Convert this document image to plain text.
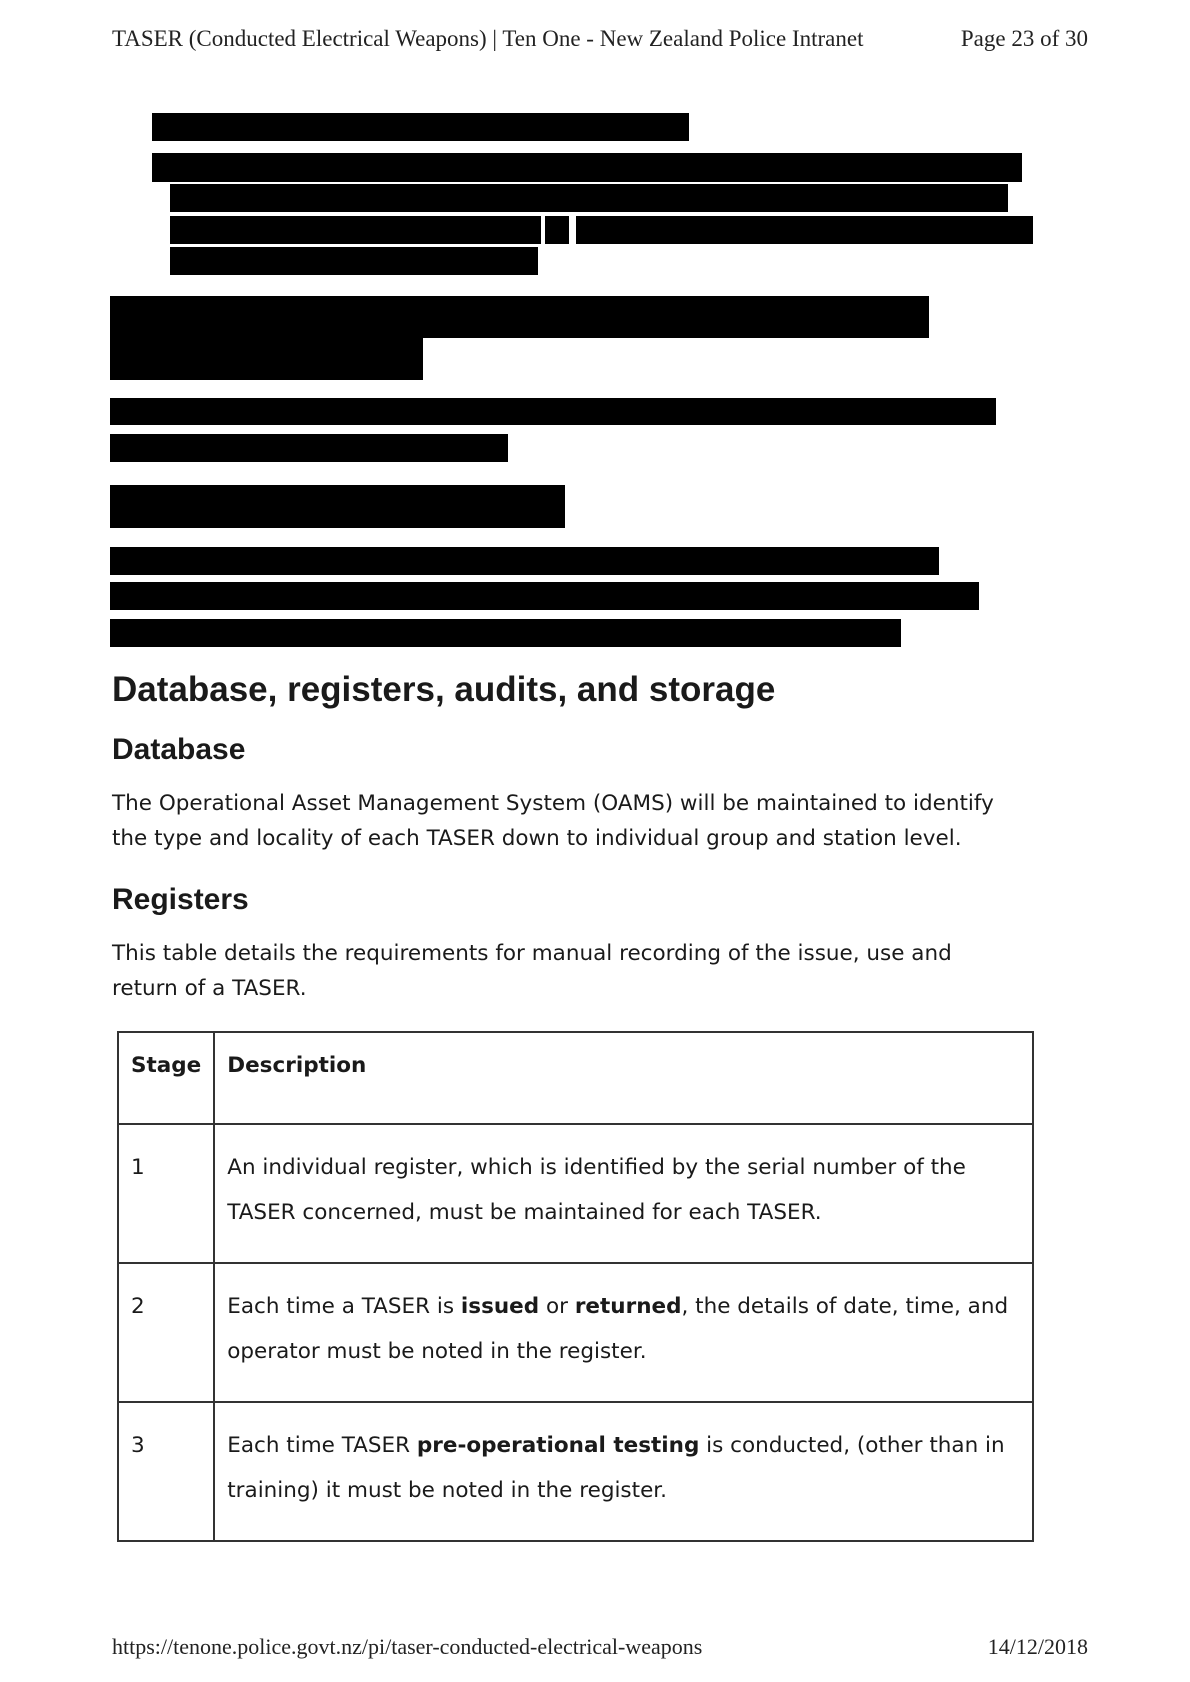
TASER (Conducted Electrical Weapons) | Ten One - New Zealand Police Intranet	Page 23 of 30
Database, registers, audits, and storage
Database

The Operational Asset Management System (OAMS) will be maintained to identify
the type and locality of each TASER down to individual group and station level.

Registers

This table details the requirements for manual recording of the issue, use and
return of a TASER.

Stage	Description
1	An individual register, which is identified by the serial number of the
TASER concerned, must be maintained for each TASER.

2	Each time a TASER is issued or returned, the details of date, time, and
operator must be noted in the register.

3	Each time TASER pre-operational testing is conducted, (other than in
training) it must be noted in the register.
https://tenone.police.govt.nz/pi/taser-conducted-electrical-weapons	14/12/2018
